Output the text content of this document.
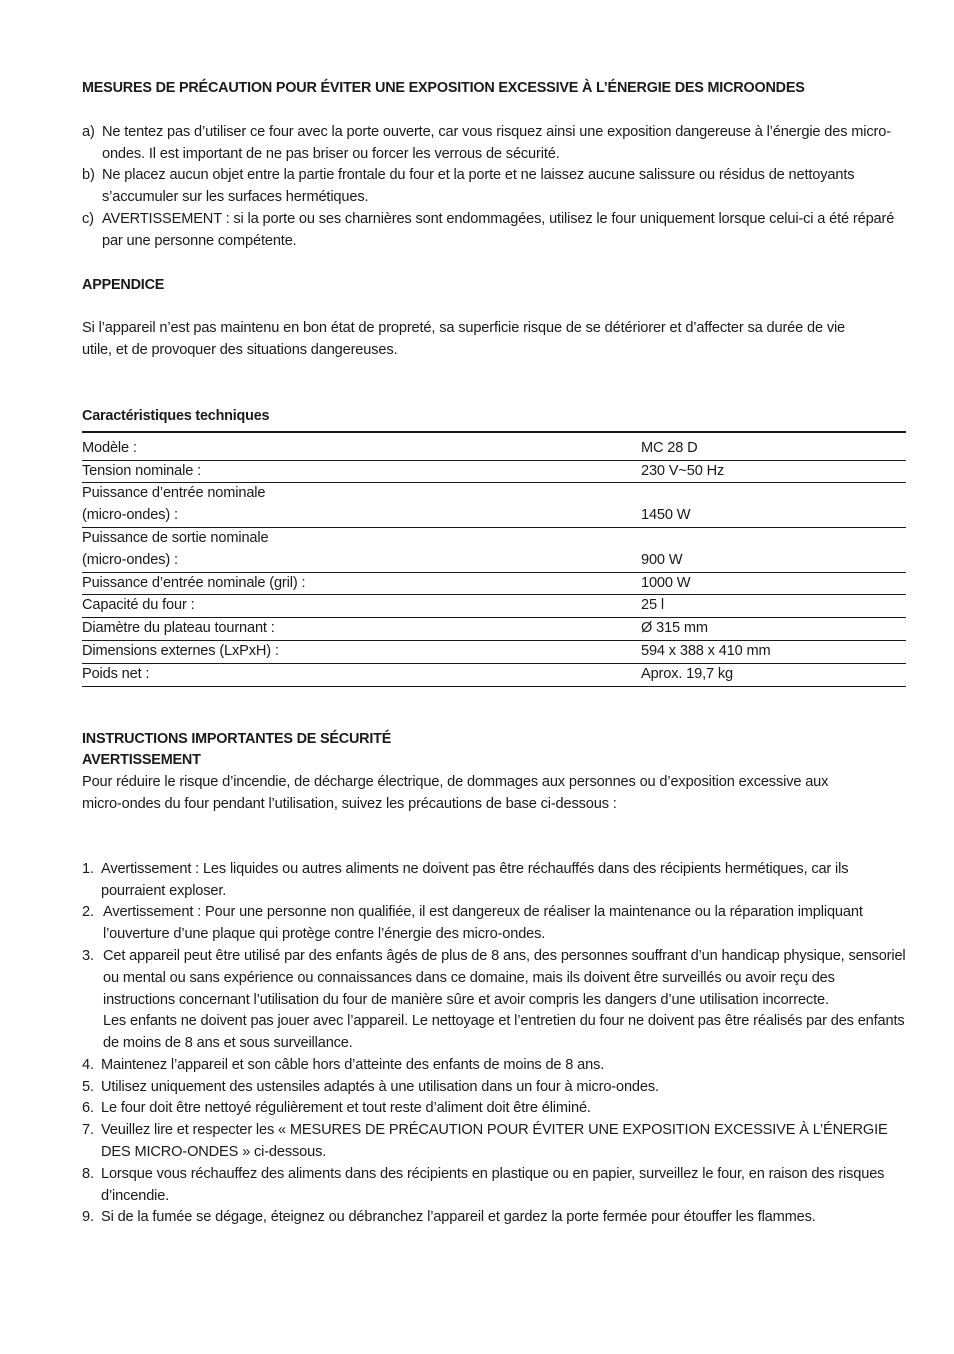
MESURES DE PRÉCAUTION POUR ÉVITER UNE EXPOSITION EXCESSIVE À L’ÉNERGIE DES MICROONDES
a) Ne tentez pas d’utiliser ce four avec la porte ouverte, car vous risquez ainsi une exposition dangereuse à l’énergie des micro-ondes. Il est important de ne pas briser ou forcer les verrous de sécurité.
b) Ne placez aucun objet entre la partie frontale du four et la porte et ne laissez aucune salissure ou résidus de nettoyants s’accumuler sur les surfaces hermétiques.
c) AVERTISSEMENT : si la porte ou ses charnières sont endommagées, utilisez le four uniquement lorsque celui-ci a été réparé par une personne compétente.
APPENDICE

Si l’appareil n’est pas maintenu en bon état de propreté, sa superficie risque de se détériorer et d’affecter sa durée de vie utile, et de provoquer des situations dangereuses.

Caractéristiques techniques
Modèle :	MC 28 D
Tension nominale :	230 V~50 Hz
Puissance d’entrée nominale
(micro-ondes) :	1450 W
Puissance de sortie nominale
(micro-ondes) :	900 W
Puissance d’entrée nominale (gril) :	1000 W
Capacité du four :	25 l
Diamètre du plateau tournant :	Ø 315 mm
Dimensions externes (LxPxH) :	594 x 388 x 410 mm
Poids net :	Aprox. 19,7 kg
INSTRUCTIONS IMPORTANTES DE SÉCURITÉ
AVERTISSEMENT

Pour réduire le risque d’incendie, de décharge électrique, de dommages aux personnes ou d’exposition excessive aux micro-ondes du four pendant l’utilisation, suivez les précautions de base ci-dessous :

1. Avertissement : Les liquides ou autres aliments ne doivent pas être réchauffés dans des récipients hermétiques, car ils pourraient exploser.
2. Avertissement : Pour une personne non qualifiée, il est dangereux de réaliser la maintenance ou la réparation impliquant l’ouverture d’une plaque qui protège contre l’énergie des micro-ondes.
3. Cet appareil peut être utilisé par des enfants âgés de plus de 8 ans, des personnes souffrant d’un handicap physique, sensoriel ou mental ou sans expérience ou connaissances dans ce domaine, mais ils doivent être surveillés ou avoir reçu des instructions concernant l’utilisation du four de manière sûre et avoir compris les dangers d’une utilisation incorrecte.
Les enfants ne doivent pas jouer avec l’appareil. Le nettoyage et l’entretien du four ne doivent pas être réalisés par des enfants de moins de 8 ans et sous surveillance.
4. Maintenez l’appareil et son câble hors d’atteinte des enfants de moins de 8 ans.
5. Utilisez uniquement des ustensiles adaptés à une utilisation dans un four à micro-ondes.
6. Le four doit être nettoyé régulièrement et tout reste d’aliment doit être éliminé.
7. Veuillez lire et respecter les « MESURES DE PRÉCAUTION POUR ÉVITER UNE EXPOSITION EXCESSIVE À L’ÉNERGIE DES MICRO-ONDES » ci-dessous.
8. Lorsque vous réchauffez des aliments dans des récipients en plastique ou en papier, surveillez le four, en raison des risques d’incendie.
9. Si de la fumée se dégage, éteignez ou débranchez l’appareil et gardez la porte fermée pour étouffer les flammes.
